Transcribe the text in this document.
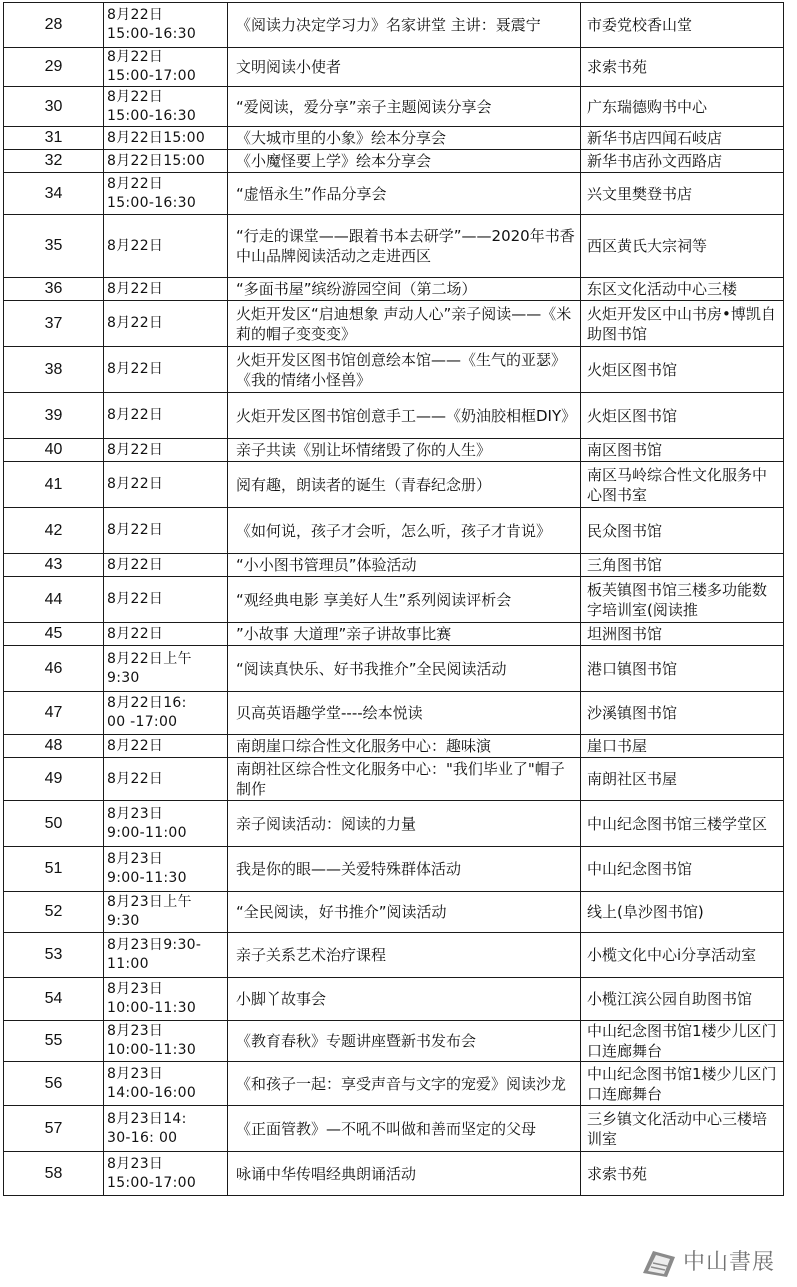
28	8月22日
15:00-16:30	《阅读力决定学习力》名家讲堂 主讲：聂震宁	市委党校香山堂
29	8月22日
15:00-17:00	文明阅读小使者	求索书苑
30	8月22日
15:00-16:30	“爱阅读，爱分享”亲子主题阅读分享会	广东瑞德购书中心
31	8月22日15:00	《大城市里的小象》绘本分享会	新华书店四闻石岐店
32	8月22日15:00	《小魔怪要上学》绘本分享会	新华书店孙文西路店
34	8月22日
15:00-16:30	“虚悟永生”作品分享会	兴文里樊登书店
35	8月22日	“行走的课堂——跟着书本去研学”——2020年书香中山品牌阅读活动之走进西区	西区黄氏大宗祠等
36	8月22日	“多面书屋”缤纷游园空间（第二场）	东区文化活动中心三楼
37	8月22日	火炬开发区“启迪想象 声动人心”亲子阅读——《米莉的帽子变变变》	火炬开发区中山书房•博凯自助图书馆
38	8月22日	火炬开发区图书馆创意绘本馆——《生气的亚瑟》《我的情绪小怪兽》	火炬区图书馆
39	8月22日	火炬开发区图书馆创意手工——《奶油胶相框DIY》	火炬区图书馆
40	8月22日	亲子共读《别让坏情绪毁了你的人生》	南区图书馆
41	8月22日	阅有趣，朗读者的诞生（青春纪念册）	南区马岭综合性文化服务中心图书室
42	8月22日	《如何说，孩子才会听，怎么听，孩子才肯说》	民众图书馆
43	8月22日	“小小图书管理员”体验活动	三角图书馆
44	8月22日	“观经典电影 享美好人生”系列阅读评析会	板芙镇图书馆三楼多功能数字培训室(阅读推
45	8月22日	”小故事 大道理”亲子讲故事比赛	坦洲图书馆
46	8月22日上午
9:30	“阅读真快乐、好书我推介”全民阅读活动	港口镇图书馆
47	8月22日16:
00 -17:00	贝高英语趣学堂----绘本悦读	沙溪镇图书馆
48	8月22日	南朗崖口综合性文化服务中心：趣味演	崖口书屋
49	8月22日	南朗社区综合性文化服务中心："我们毕业了"帽子制作	南朗社区书屋
50	8月23日
9:00-11:00	亲子阅读活动：阅读的力量	中山纪念图书馆三楼学堂区
51	8月23日
9:00-11:30	我是你的眼——关爱特殊群体活动	中山纪念图书馆
52	8月23日上午
9:30	“全民阅读，好书推介”阅读活动	线上(阜沙图书馆)
53	8月23日9:30-
11:00	亲子关系艺术治疗课程	小榄文化中心i分享活动室
54	8月23日
10:00-11:30	小脚丫故事会	小榄江滨公园自助图书馆
55	8月23日
10:00-11:30	《教育春秋》专题讲座暨新书发布会	中山纪念图书馆1楼少儿区门口连廊舞台
56	8月23日
14:00-16:00	《和孩子一起：享受声音与文字的宠爱》阅读沙龙	中山纪念图书馆1楼少儿区门口连廊舞台
57	8月23日14:
30-16: 00	《正面管教》—不吼不叫做和善而坚定的父母	三乡镇文化活动中心三楼培训室
58	8月23日
15:00-17:00	咏诵中华传唱经典朗诵活动	求索书苑
中山書展
